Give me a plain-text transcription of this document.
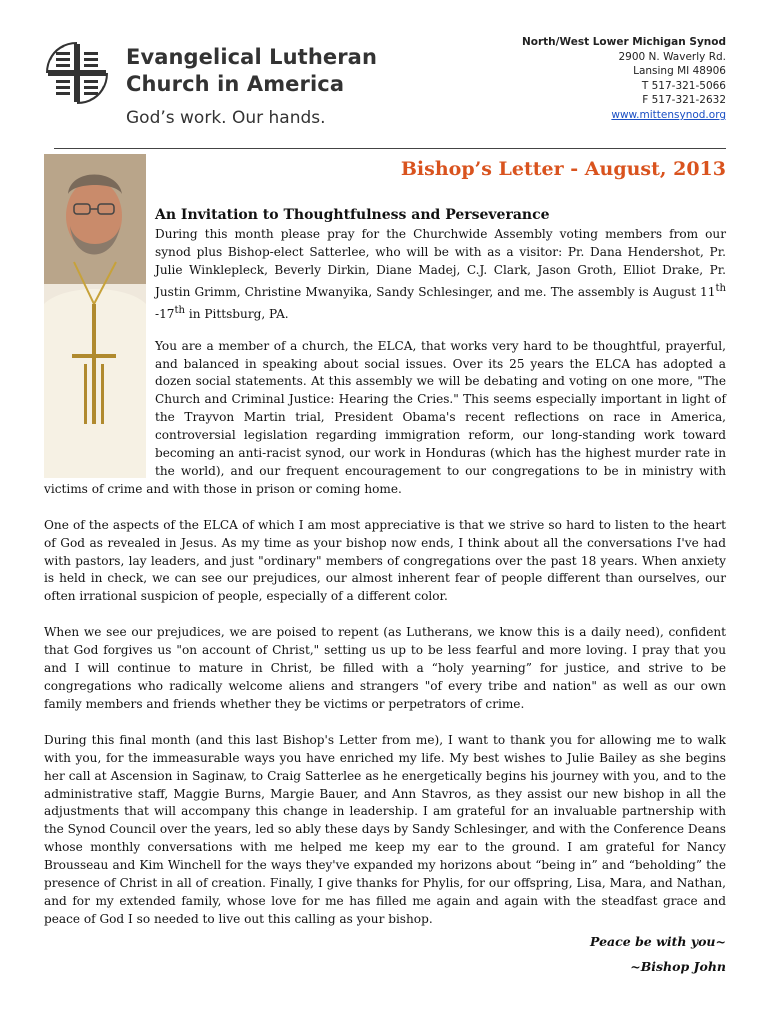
Evangelical Lutheran
Church in America
God’s work. Our hands.
North/West Lower Michigan Synod
2900 N. Waverly Rd.
Lansing MI 48906
T 517-321-5066
F 517-321-2632
www.mittensynod.org
Bishop’s Letter - August, 2013
An Invitation to Thoughtfulness and Perseverance

During this month please pray for the Churchwide Assembly voting members from our synod plus Bishop-elect Satterlee, who will be with as a visitor: Pr. Dana Hendershot, Pr. Julie Winklepleck, Beverly Dirkin, Diane Madej, C.J. Clark, Jason Groth, Elliot Drake, Pr. Justin Grimm, Christine Mwanyika, Sandy Schlesinger, and me. The assembly is August 11th -17th in Pittsburg, PA.

You are a member of a church, the ELCA, that works very hard to be thoughtful, prayerful, and balanced in speaking about social issues. Over its 25 years the ELCA has adopted a dozen social statements. At this assembly we will be debating and voting on one more, "The Church and Criminal Justice: Hearing the Cries." This seems especially important in light of the Trayvon Martin trial, President Obama's recent reflections on race in America, controversial legislation regarding immigration reform, our long-standing work toward becoming an anti-racist synod, our work in Honduras (which has the highest murder rate in the world), and our frequent encouragement to our congregations to be in ministry with victims of crime and with those in prison or coming home.

One of the aspects of the ELCA of which I am most appreciative is that we strive so hard to listen to the heart of God as revealed in Jesus. As my time as your bishop now ends, I think about all the conversations I've had with pastors, lay leaders, and just "ordinary" members of congregations over the past 18 years. When anxiety is held in check, we can see our prejudices, our almost inherent fear of people different than ourselves, our often irrational suspicion of people, especially of a different color.

When we see our prejudices, we are poised to repent (as Lutherans, we know this is a daily need), confident that God forgives us "on account of Christ," setting us up to be less fearful and more loving. I pray that you and I will continue to mature in Christ, be filled with a “holy yearning” for justice, and strive to be congregations who radically welcome aliens and strangers "of every tribe and nation" as well as our own family members and friends whether they be victims or perpetrators of crime.

During this final month (and this last Bishop's Letter from me), I want to thank you for allowing me to walk with you, for the immeasurable ways you have enriched my life. My best wishes to Julie Bailey as she begins her call at Ascension in Saginaw, to Craig Satterlee as he energetically begins his journey with you, and to the administrative staff, Maggie Burns, Margie Bauer, and Ann Stavros, as they assist our new bishop in all the adjustments that will accompany this change in leadership. I am grateful for an invaluable partnership with the Synod Council over the years, led so ably these days by Sandy Schlesinger, and with the Conference Deans whose monthly conversations with me helped me keep my ear to the ground. I am grateful for Nancy Brousseau and Kim Winchell for the ways they've expanded my horizons about “being in” and “beholding” the presence of Christ in all of creation. Finally, I give thanks for Phylis, for our offspring, Lisa, Mara, and Nathan, and for my extended family, whose love for me has filled me again and again with the steadfast grace and peace of God I so needed to live out this calling as your bishop.

Peace be with you~
~Bishop John
